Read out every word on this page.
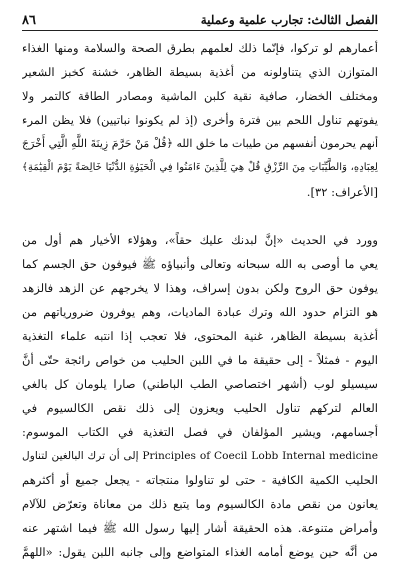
الفصل الثالث: تجارب علمية وعملية
٨٦
أعمارهم لو تركوا، فإنّما ذلك لعلمهم بطرق الصحة والسلامة ومنها الغذاء
المتوازن الذي يتناولونه من أغذية بسيطة الظاهر، خشنة كخبز الشعير
ومختلف الخضار، صافية نقية كلبن الماشية ومصادر الطاقة كالتمر ولا
يفوتهم تناول اللحم بين فترة وأخرى (إذ لم يكونوا نباتيين) فلا يظن المرء
أنهم يحرمون أنفسهم من طيبات ما خلق الله ﴿قُلْ مَنْ حَرَّمَ زِينَةَ اللَّهِ الَّتِي أَخْرَجَ
لِعِبَادِهِ، وَالطَّيِّبَاتِ مِنَ الرِّزْقِ قُلْ هِيَ لِلَّذِينَ ءَامَنُوا فِي الْحَيَوٰةِ الدُّنْيَا خَالِصَةً يَوْمَ الْقِيَٰمَةِ﴾
[الأعراف: ٣٢].
وورد في الحديث «إنَّ لبدنك عليك حقاً»، وهؤلاء الأخيار هم أول من
يعي ما أوصى به الله سبحانه وتعالى وأنبياؤه ﷺ فيوفون حق الجسم كما
يوفون حق الروح ولكن بدون إسراف، وهذا لا يخرجهم عن الزهد فالزهد
هو التزام حدود الله وترك عبادة الماديات، وهم يوفرون ضرورياتهم من
أغذية بسيطة الظاهر، غنية المحتوى، فلا تعجب إذا انتبه علماء التغذية
اليوم - فمثلاً - إلى حقيقة ما في اللبن الحليب من خواص رائجة حتّى أنَّ
سيسيلو لوب (أشهر اختصاصي الطب الباطني) صارا يلومان كل بالغي
العالم لتركهم تناول الحليب ويعزون إلى ذلك نقص الكالسيوم في
أجسامهم، ويشير المؤلفان في فصل التغذية في الكتاب الموسوم:
Principles of Coecil Lobb Internal medicine إلى أن ترك البالغين لتناول
الحليب الكمية الكافية - حتى لو تناولوا منتجاته - يجعل جميع أو أكثرهم
يعانون من نقص مادة الكالسيوم وما يتبع ذلك من معاناة وتعرّض للآلام
وأمراض متنوعة. هذه الحقيقة أشار إليها رسول الله ﷺ فيما اشتهر عنه
من أنَّه حين يوضع أمامه الغذاء المتواضع وإلى جانبه اللبن يقول: «اللهمَّ
